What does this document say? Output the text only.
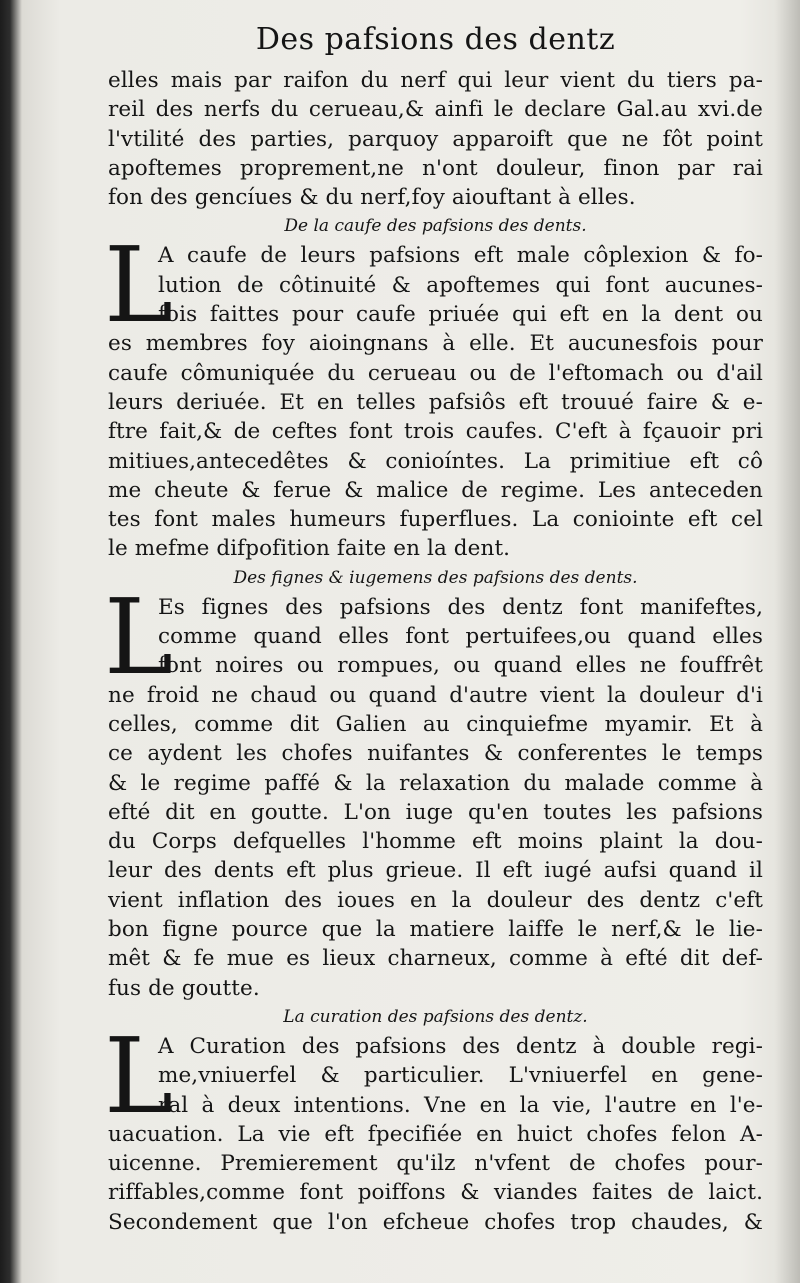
Des pafsions des dentz
elles mais par raifon du nerf qui leur vient du tiers pa-
reil des nerfs du cerueau,& ainfi le declare Gal.au xvi.de
l'vtilité des parties, parquoy apparoift que ne fôt point
apoftemes proprement,ne n'ont douleur, finon par rai
fon des gencíues & du nerf,foy aiouftant à elles.
De la caufe des pafsions des dents.
L
A caufe de leurs pafsions eft male côplexion & fo-
lution de côtinuité & apoftemes qui font aucunes-
fois faittes pour caufe priuée qui eft en la dent ou
es membres foy aioingnans à elle. Et aucunesfois pour
caufe cômuniquée du cerueau ou de l'eftomach ou d'ail
leurs deriuée. Et en telles pafsiôs eft trouué faire & e-
ftre fait,& de ceftes font trois caufes. C'eft à fçauoir pri
mitiues,antecedêtes & conioíntes. La primitiue eft cô
me cheute & ferue & malice de regime. Les anteceden
tes font males humeurs fuperflues. La coniointe eft cel
le mefme difpofition faite en la dent.
Des fignes & iugemens des pafsions des dents.
L
Es fignes des pafsions des dentz font manifeftes,
comme quand elles font pertuifees,ou quand elles
font noires ou rompues, ou quand elles ne fouffrêt
ne froid ne chaud ou quand d'autre vient la douleur d'i
celles, comme dit Galien au cinquiefme myamir. Et à
ce aydent les chofes nuifantes & conferentes le temps
& le regime paffé & la relaxation du malade comme à
efté dit en goutte. L'on iuge qu'en toutes les pafsions
du Corps defquelles l'homme eft moins plaint la dou-
leur des dents eft plus grieue. Il eft iugé aufsi quand il
vient inflation des ioues en la douleur des dentz c'eft
bon figne pource que la matiere laiffe le nerf,& le lie-
mêt & fe mue es lieux charneux, comme à efté dit def-
fus de goutte.
La curation des pafsions des dentz.
L
A Curation des pafsions des dentz à double regi-
me,vniuerfel & particulier. L'vniuerfel en gene-
ral à deux intentions. Vne en la vie, l'autre en l'e-
uacuation. La vie eft fpecifiée en huict chofes felon A-
uicenne. Premierement qu'ilz n'vfent de chofes pour-
riffables,comme font poiffons & viandes faites de laict.
Secondement que l'on efcheue chofes trop chaudes, &
